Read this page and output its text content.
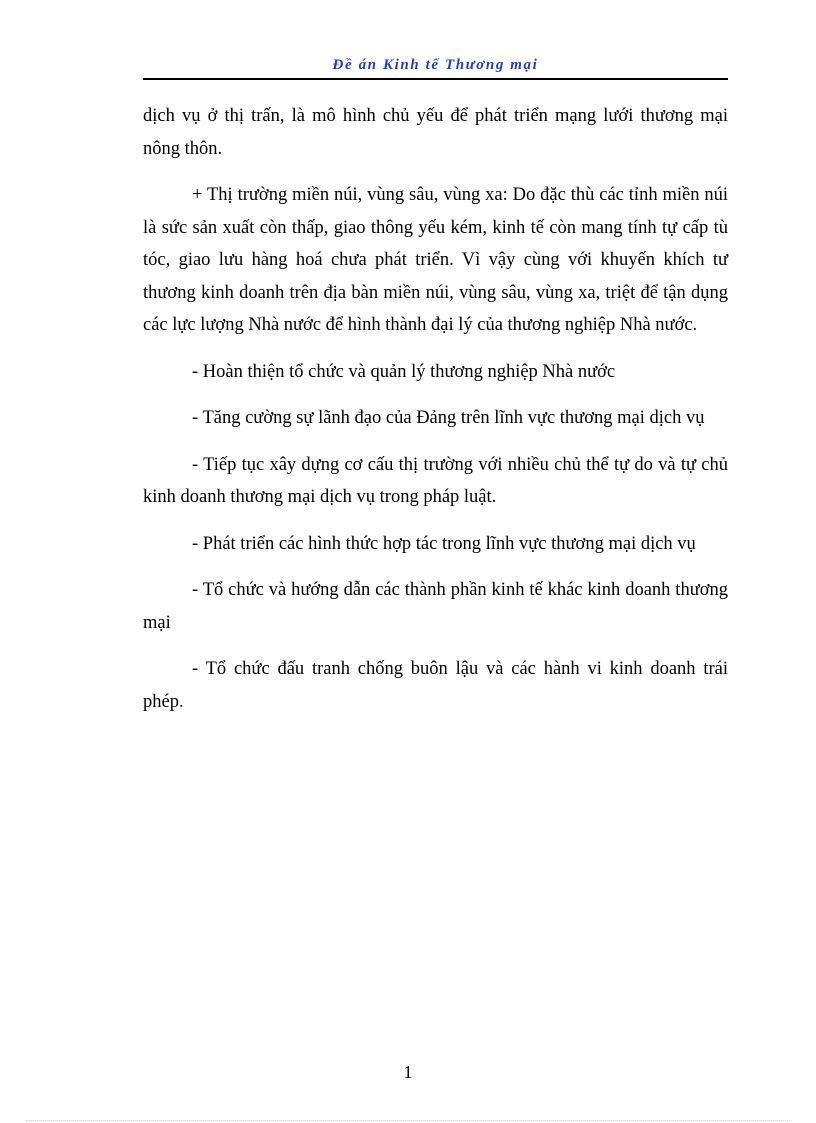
Đề án Kinh tế Thương mại

dịch vụ ở thị trấn, là mô hình chủ yếu để phát triển mạng lưới thương mại nông thôn.

+ Thị trường miền núi, vùng sâu, vùng xa: Do đặc thù các tỉnh miền núi là sức sản xuất còn thấp, giao thông yếu kém, kinh tế còn mang tính tự cấp tù tóc, giao lưu hàng hoá chưa phát triển. Vì vậy cùng với khuyến khích tư thương kinh doanh trên địa bàn miền núi, vùng sâu, vùng xa, triệt để tận dụng các lực lượng Nhà nước để hình thành đại lý của thương nghiệp Nhà nước.

- Hoàn thiện tổ chức và quản lý thương nghiệp Nhà nước

- Tăng cường sự lãnh đạo của Đảng trên lĩnh vực thương mại dịch vụ

- Tiếp tục xây dựng cơ cấu thị trường với nhiều chủ thể tự do và tự chủ kinh doanh thương mại dịch vụ trong pháp luật.

- Phát triển các hình thức hợp tác trong lĩnh vực thương mại dịch vụ

- Tổ chức và hướng dẫn các thành phần kinh tế khác kinh doanh thương mại

- Tổ chức đấu tranh chống buôn lậu và các hành vi kinh doanh trái phép.

1
